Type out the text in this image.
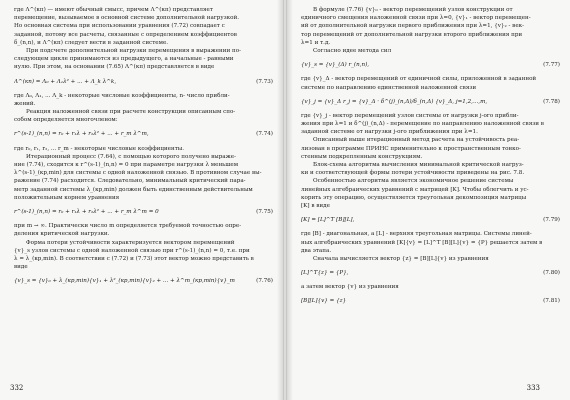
где Λ^(кп) — имеют обычный смысс, причем Λ^(кп) представляет
перемещение, вызываемое в основной системе дополнительной нагрузкой.
Но основная система при использовании уравнения (7.72) совпадает с
заданной, потому все расчеты, связанные с определением коэффициентов
δ_(n,n), и Λ^(кп) следует вести в заданной системе.
При подсчете дополнительной нагрузки перемещения в выражении по-
следующем цикле принимаются из предыдущего, а начальные - равными
нулю. При этом, на основании (7.65) Λ^(кп) представляется в виде
Λ^(кп) = Λ₀ + Λ₁λ² + ... + Λ_k λ^k,	(7.73)
где Λ₀, Λ₁, ... Λ_k - некоторые числовые коэффициенты, n- число прибли-
жений.
Реакция наложенной связи при расчете конструкции описанным спо-
собом определяется многочленом:
r^(s-1)_(n,n) = r₀ + r₁λ + r₂λ² + ... + r_m λ^m,	(7.74)
где r₀, r₁, r₂, ... r_m - некоторые числовые коэффициенты.
Итерационный процесс (7.64), с помощью которого получено выраже-
ние (7.74), сходится к r^(s-1)_(n,n) = 0 при параметре нагрузки λ меньшем
λ^(s-1)_(кр,min) для системы с одной наложенной связью. В противном случае вы-
ражение (7.74) расходится. Следовательно, минимальный критический пара-
метр заданной системы λ_(кр,min) должен быть единственным действительным
положительным корнем уравнения
r^(s-1)_(n,n) = r₀ + r₁λ + r₂λ² + ... + r_m λ^m = 0	(7.75)
при m → ∞. Практически число m определяется требуемой точностью опре-
деления критической нагрузки.
Форма потери устойчивости характеризуется вектором перемещений
{v}_s узлов системы с одной наложенной связью при r^(s-1)_(n,n) = 0, т.е. при
λ = λ_(кр,min). В соответствии с (7.72) и (7.73) этот вектор можно представить в
виде
{v}_s = {v}₀ + λ_(кр,min){v}₁ + λ²_(кр,min){v}₂ + ... + λ^m_(кр,min){v}_m	(7.76)
332
В формуле (7.76) {v}₀ - вектор перемещений узлов конструкции от
единичного смещения наложенной связи при λ=0, {v}₁ - вектор перемещен-
ий от дополнительной нагрузки первого приближения при λ=1, {v}₂ - век-
тор перемещений от дополнительной нагрузки второго приближения при
λ=1 и т.д.
Согласно идее метода сил
{v}_s = {v}_(Δ) r_(n,n),	(7.77)
где {v}_Δ - вектор перемещений от единичной силы, приложенной в заданной
системе по направлению единственной наложенной связи
{v}_j = {v}_Δ r_j = {v}_Δ · δ^(j)_(n,Δ)/δ_(n,Δ) {v}_Δ, j=1,2,...,m,	(7.78)
где {v}_j - вектор перемещений узлов системы от нагрузки j-ого прибли-
жения при λ=1 и δ^(j)_(n,Δ) - перемещение по направлению наложенной связи в
заданной системе от нагрузки j-ого приближения при λ=1.
Описанный выше итерационный метод расчета на устойчивость реа-
лизован в программе ПРИНС применительно к пространственным тонко-
стенным подкрепленным конструкциям.
Блок-схема алгоритма вычисления минимальной критической нагруз-
ки и соответствующей формы потери устойчивости приведены на рис. 7.8.
Особенностью алгоритма является экономичное решение системы
линейных алгебраических уравнений с матрицей [K]. Чтобы облегчить и ус-
корить эту операцию, осуществляется треугольная декомпозиция матрицы
[K] в виде
[K] = [L]^T [B][L],	(7.79)
где [B] - диагональная, а [L] - верхняя треугольная матрицы. Системы линей-
ных алгебраических уравнений [K]{v} = [L]^T [B][L]{v} = {P} решается затем в
два этапа.
Сначала вычисляется вектор {z} = [B][L]{v} из уравнения
[L]^T{z} = {P},	(7.80)
а затем вектор {v} из уравнения
[B][L]{v} = {z}	(7.81)
333
